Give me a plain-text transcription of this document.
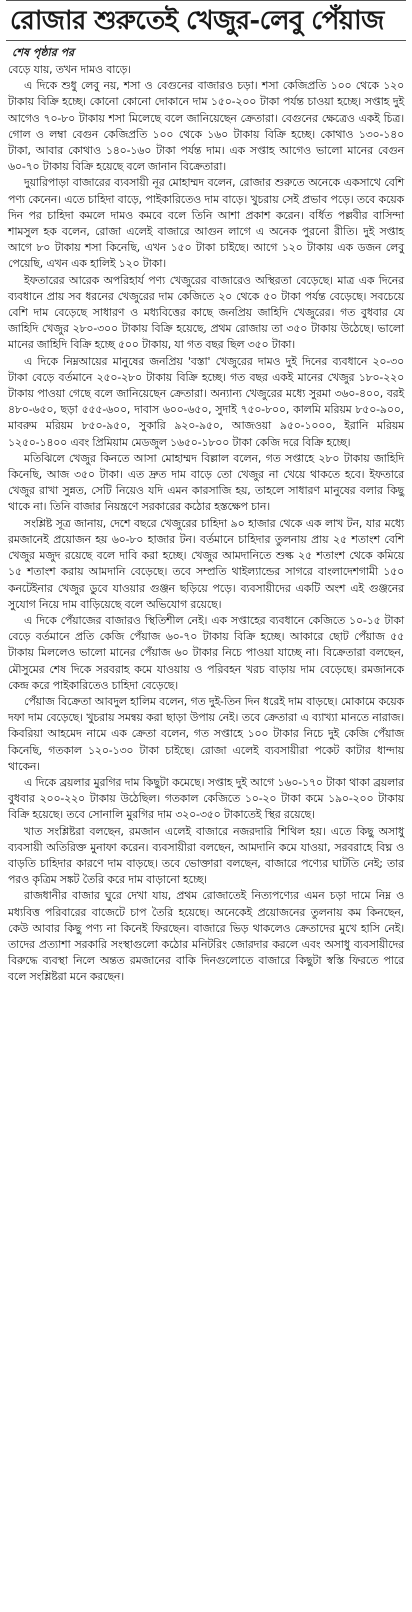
রোজার শুরুতেই খেজুর-লেবু পেঁয়াজ
শেষ পৃষ্ঠার পর

বেড়ে যায়, তখন দামও বাড়ে।

এ দিকে শুধু লেবু নয়, শসা ও বেগুনের বাজারও চড়া। শসা কেজিপ্রতি ১০০ থেকে ১২০ টাকায় বিক্রি হচ্ছে। কোনো কোনো দোকানে দাম ১৫০-২০০ টাকা পর্যন্ত চাওয়া হচ্ছে। সপ্তাহ দুই আগেও ৭০-৮০ টাকায় শসা মিলেছে বলে জানিয়েছেন ক্রেতারা। বেগুনের ক্ষেত্রেও একই চিত্র। গোল ও লম্বা বেগুন কেজিপ্রতি ১০০ থেকে ১৬০ টাকায় বিক্রি হচ্ছে। কোথাও ১৩০-১৪০ টাকা, আবার কোথাও ১৪০-১৬০ টাকা পর্যন্ত দাম। এক সপ্তাহ আগেও ভালো মানের বেগুন ৬০-৭০ টাকায় বিক্রি হয়েছে বলে জানান বিক্রেতারা।

দুয়ারিপাড়া বাজারের ব্যবসায়ী নূর মোহাম্মদ বলেন, রোজার শুরুতে অনেকে একসাথে বেশি পণ্য কেনেন। এতে চাহিদা বাড়ে, পাইকারিতেও দাম বাড়ে। খুচরায় সেই প্রভাব পড়ে। তবে কয়েক দিন পর চাহিদা কমলে দামও কমবে বলে তিনি আশা প্রকাশ করেন। বর্ধিত পল্লবীর বাসিন্দা শামসুল হক বলেন, রোজা এলেই বাজারে আগুন লাগে এ অনেক পুরনো রীতি। দুই সপ্তাহ আগে ৮০ টাকায় শসা কিনেছি, এখন ১৫০ টাকা চাইছে। আগে ১২০ টাকায় এক ডজন লেবু পেয়েছি, এখন এক হালিই ১২০ টাকা।

ইফতারের আরেক অপরিহার্য পণ্য খেজুরের বাজারেও অস্থিরতা বেড়েছে। মাত্র এক দিনের ব্যবধানে প্রায় সব ধরনের খেজুরের দাম কেজিতে ২০ থেকে ৫০ টাকা পর্যন্ত বেড়েছে। সবচেয়ে বেশি দাম বেড়েছে সাধারণ ও মধ্যবিত্তের কাছে জনপ্রিয় জাহিদি খেজুরের। গত বুধবার যে জাহিদি খেজুর ২৮০-৩০০ টাকায় বিক্রি হয়েছে, প্রথম রোজায় তা ৩৫০ টাকায় উঠেছে। ভালো মানের জাহিদি বিক্রি হচ্ছে ৫০০ টাকায়, যা গত বছর ছিল ৩৫০ টাকা।

এ দিকে নিম্নআয়ের মানুষের জনপ্রিয় 'বস্তা' খেজুরের দামও দুই দিনের ব্যবধানে ২০-৩০ টাকা বেড়ে বর্তমানে ২৫০-২৮০ টাকায় বিক্রি হচ্ছে। গত বছর একই মানের খেজুর ১৮০-২২০ টাকায় পাওয়া গেছে বলে জানিয়েছেন ক্রেতারা। অন্যান্য খেজুরের মধ্যে সুরমা ৩৬০-৪০০, বরই ৪৮০-৬৫০, ছড়া ৫৫৫-৬০০, দাবাস ৬০০-৬৫০, সুদাই ৭৫০-৮০০, কালমি মরিয়ম ৮৫০-৯০০, মাবরুম মরিয়ম ৮৫০-৯৫০, সুকারি ৯২০-৯৫০, আজওয়া ৯৫০-১০০০, ইরানি মরিয়ম ১২৫০-১৪০০ এবং প্রিমিয়াম মেডজুল ১৬৫০-১৮০০ টাকা কেজি দরে বিক্রি হচ্ছে।

মতিঝিলে খেজুর কিনতে আসা মোহাম্মদ বিল্লাল বলেন, গত সপ্তাহে ২৮০ টাকায় জাহিদি কিনেছি, আজ ৩৫০ টাকা। এত দ্রুত দাম বাড়ে তো খেজুর না খেয়ে থাকতে হবে। ইফতারে খেজুর রাখা সুন্নত, সেটি নিয়েও যদি এমন কারসাজি হয়, তাহলে সাধারণ মানুষের বলার কিছু থাকে না। তিনি বাজার নিয়ন্ত্রণে সরকারের কঠোর হস্তক্ষেপ চান।

সংশ্লিষ্ট সূত্র জানায়, দেশে বছরে খেজুরের চাহিদা ৯০ হাজার থেকে এক লাখ টন, যার মধ্যে রমজানেই প্রয়োজন হয় ৬০-৮০ হাজার টন। বর্তমানে চাহিদার তুলনায় প্রায় ২৫ শতাংশ বেশি খেজুর মজুদ রয়েছে বলে দাবি করা হচ্ছে। খেজুর আমদানিতে শুল্ক ২৫ শতাংশ থেকে কমিয়ে ১৫ শতাংশ করায় আমদানি বেড়েছে। তবে সম্প্রতি থাইল্যান্ডের সাগরে বাংলাদেশগামী ১৫০ কনটেইনার খেজুর ডুবে যাওয়ার গুঞ্জন ছড়িয়ে পড়ে। ব্যবসায়ীদের একটি অংশ এই গুঞ্জনের সুযোগ নিয়ে দাম বাড়িয়েছে বলে অভিযোগ রয়েছে।

এ দিকে পেঁয়াজের বাজারও স্থিতিশীল নেই। এক সপ্তাহের ব্যবধানে কেজিতে ১০-১৫ টাকা বেড়ে বর্তমানে প্রতি কেজি পেঁয়াজ ৬০-৭০ টাকায় বিক্রি হচ্ছে। আকারে ছোট পেঁয়াজ ৫৫ টাকায় মিললেও ভালো মানের পেঁয়াজ ৬০ টাকার নিচে পাওয়া যাচ্ছে না। বিক্রেতারা বলছেন, মৌসুমের শেষ দিকে সরবরাহ কমে যাওয়ায় ও পরিবহন খরচ বাড়ায় দাম বেড়েছে। রমজানকে কেন্দ্র করে পাইকারিতেও চাহিদা বেড়েছে।

পেঁয়াজ বিক্রেতা আবদুল হালিম বলেন, গত দুই-তিন দিন ধরেই দাম বাড়ছে। মোকামে কয়েক দফা দাম বেড়েছে। খুচরায় সমন্বয় করা ছাড়া উপায় নেই। তবে ক্রেতারা এ ব্যাখ্যা মানতে নারাজ। কিবরিয়া আহমেদ নামে এক ক্রেতা বলেন, গত সপ্তাহে ১০০ টাকার নিচে দুই কেজি পেঁয়াজ কিনেছি, গতকাল ১২০-১৩০ টাকা চাইছে। রোজা এলেই ব্যবসায়ীরা পকেট কাটার ধান্দায় থাকেন।

এ দিকে ব্রয়লার মুরগির দাম কিছুটা কমেছে। সপ্তাহ দুই আগে ১৬০-১৭০ টাকা থাকা ব্রয়লার বুধবার ২০০-২২০ টাকায় উঠেছিল। গতকাল কেজিতে ১০-২০ টাকা কমে ১৯০-২০০ টাকায় বিক্রি হয়েছে। তবে সোনালি মুরগির দাম ৩২০-৩৫০ টাকাতেই স্থির রয়েছে।

খাত সংশ্লিষ্টরা বলছেন, রমজান এলেই বাজারে নজরদারি শিথিল হয়। এতে কিছু অসাধু ব্যবসায়ী অতিরিক্ত মুনাফা করেন। ব্যবসায়ীরা বলছেন, আমদানি কমে যাওয়া, সরবরাহে বিঘ্ন ও বাড়তি চাহিদার কারণে দাম বাড়ছে। তবে ভোক্তারা বলছেন, বাজারে পণ্যের ঘাটতি নেই; তার পরও কৃত্রিম সঙ্কট তৈরি করে দাম বাড়ানো হচ্ছে।

রাজধানীর বাজার ঘুরে দেখা যায়, প্রথম রোজাতেই নিত্যপণ্যের এমন চড়া দামে নিম্ন ও মধ্যবিত্ত পরিবারের বাজেটে চাপ তৈরি হয়েছে। অনেকেই প্রয়োজনের তুলনায় কম কিনছেন, কেউ আবার কিছু পণ্য না কিনেই ফিরছেন। বাজারে ভিড় থাকলেও ক্রেতাদের মুখে হাসি নেই। তাদের প্রত্যাশা সরকারি সংস্থাগুলো কঠোর মনিটরিং জোরদার করলে এবং অসাধু ব্যবসায়ীদের বিরুদ্ধে ব্যবস্থা নিলে অন্তত রমজানের বাকি দিনগুলোতে বাজারে কিছুটা স্বস্তি ফিরতে পারে বলে সংশ্লিষ্টরা মনে করছেন।
